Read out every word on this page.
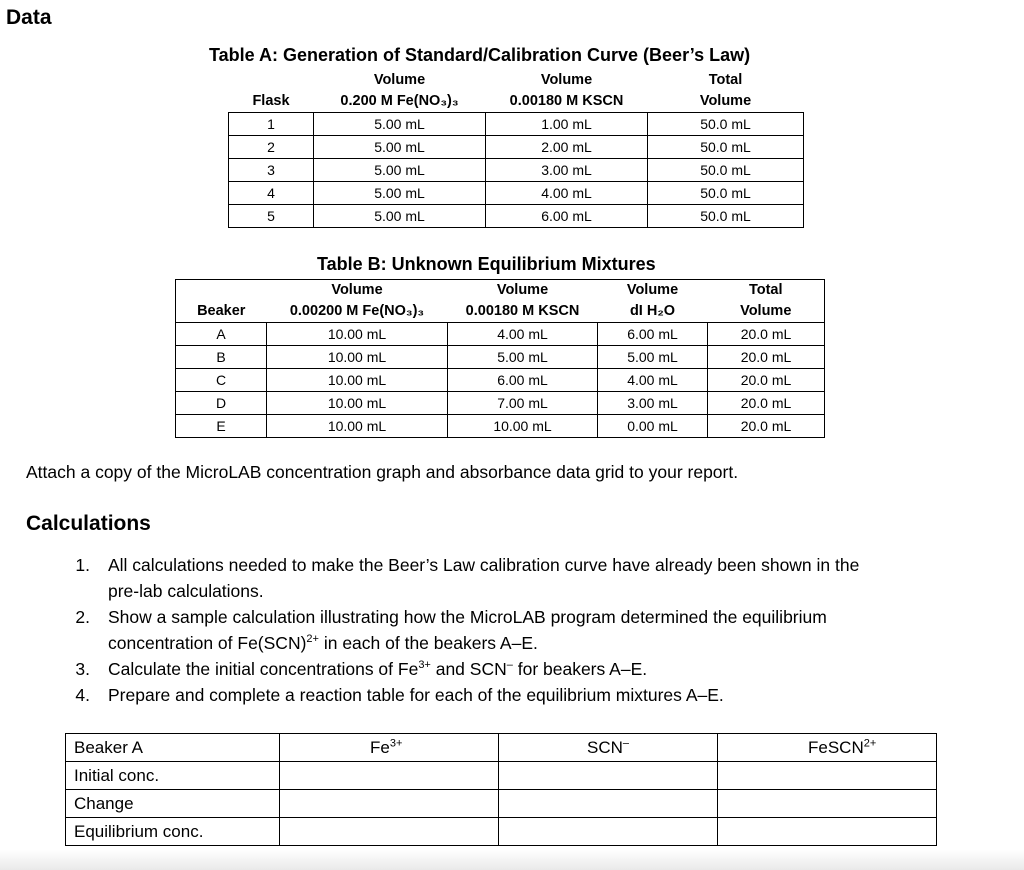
Data
Table A: Generation of Standard/Calibration Curve (Beer’s Law)
	Volume	Volume	Total
Flask	0.200 M Fe(NO₃)₃	0.00180 M KSCN	Volume
1	5.00 mL	1.00 mL	50.0 mL
2	5.00 mL	2.00 mL	50.0 mL
3	5.00 mL	3.00 mL	50.0 mL
4	5.00 mL	4.00 mL	50.0 mL
5	5.00 mL	6.00 mL	50.0 mL
Table B: Unknown Equilibrium Mixtures
	Volume	Volume	Volume	Total
Beaker	0.00200 M Fe(NO₃)₃	0.00180 M KSCN	dI H₂O	Volume
A	10.00 mL	4.00 mL	6.00 mL	20.0 mL
B	10.00 mL	5.00 mL	5.00 mL	20.0 mL
C	10.00 mL	6.00 mL	4.00 mL	20.0 mL
D	10.00 mL	7.00 mL	3.00 mL	20.0 mL
E	10.00 mL	10.00 mL	0.00 mL	20.0 mL
Attach a copy of the MicroLAB concentration graph and absorbance data grid to your report.
Calculations
1. All calculations needed to make the Beer’s Law calibration curve have already been shown in the
pre-lab calculations.
2. Show a sample calculation illustrating how the MicroLAB program determined the equilibrium
concentration of Fe(SCN)$^{2+}$ in each of the beakers A–E.
3. Calculate the initial concentrations of $Fe^{3+}$ and SCN– for beakers A–E.
4. Prepare and complete a reaction table for each of the equilibrium mixtures A–E.
Beaker A	$Fe^{3+}$	SCN–	FeSCN$^{2+}$
Initial conc.			
Change			
Equilibrium conc.			
